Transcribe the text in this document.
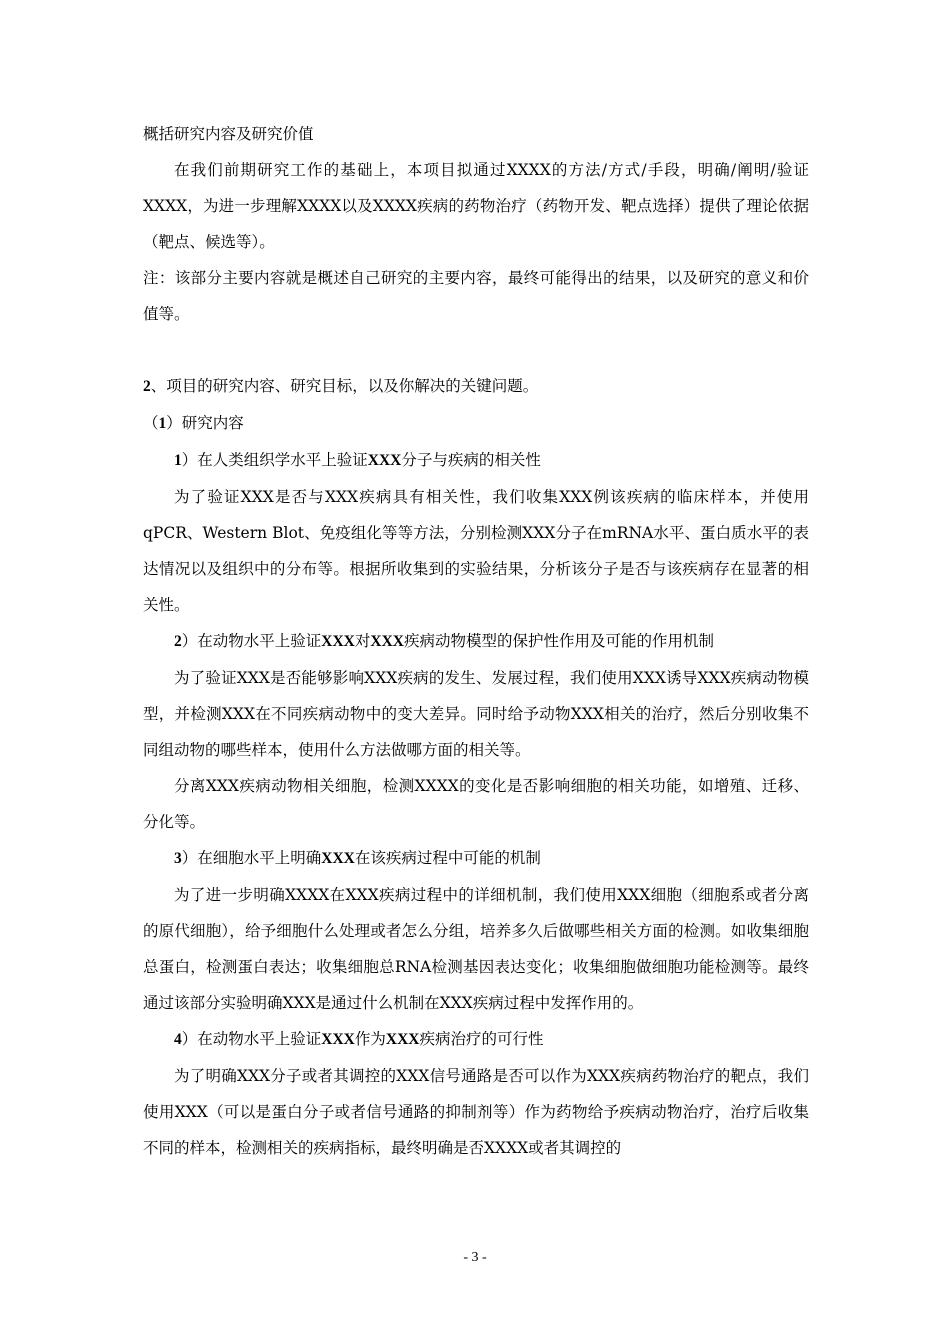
概括研究内容及研究价值

在我们前期研究工作的基础上，本项目拟通过XXXX的方法/方式/手段，明确/阐明/验证XXXX，为进一步理解XXXX以及XXXX疾病的药物治疗（药物开发、靶点选择）提供了理论依据（靶点、候选等）。

注：该部分主要内容就是概述自己研究的主要内容，最终可能得出的结果，以及研究的意义和价值等。

2、项目的研究内容、研究目标，以及你解决的关键问题。

（1）研究内容

1）在人类组织学水平上验证XXX分子与疾病的相关性

为了验证XXX是否与XXX疾病具有相关性，我们收集XXX例该疾病的临床样本，并使用qPCR、Western Blot、免疫组化等等方法，分别检测XXX分子在mRNA水平、蛋白质水平的表达情况以及组织中的分布等。根据所收集到的实验结果，分析该分子是否与该疾病存在显著的相关性。

2）在动物水平上验证XXX对XXX疾病动物模型的保护性作用及可能的作用机制

为了验证XXX是否能够影响XXX疾病的发生、发展过程，我们使用XXX诱导XXX疾病动物模型，并检测XXX在不同疾病动物中的变大差异。同时给予动物XXX相关的治疗，然后分别收集不同组动物的哪些样本，使用什么方法做哪方面的相关等。

分离XXX疾病动物相关细胞，检测XXXX的变化是否影响细胞的相关功能，如增殖、迁移、分化等。

3）在细胞水平上明确XXX在该疾病过程中可能的机制

为了进一步明确XXXX在XXX疾病过程中的详细机制，我们使用XXX细胞（细胞系或者分离的原代细胞），给予细胞什么处理或者怎么分组，培养多久后做哪些相关方面的检测。如收集细胞总蛋白，检测蛋白表达；收集细胞总RNA检测基因表达变化；收集细胞做细胞功能检测等。最终通过该部分实验明确XXX是通过什么机制在XXX疾病过程中发挥作用的。

4）在动物水平上验证XXX作为XXX疾病治疗的可行性

为了明确XXX分子或者其调控的XXX信号通路是否可以作为XXX疾病药物治疗的靶点，我们使用XXX（可以是蛋白分子或者信号通路的抑制剂等）作为药物给予疾病动物治疗，治疗后收集不同的样本，检测相关的疾病指标，最终明确是否XXXX或者其调控的

- 3 -
